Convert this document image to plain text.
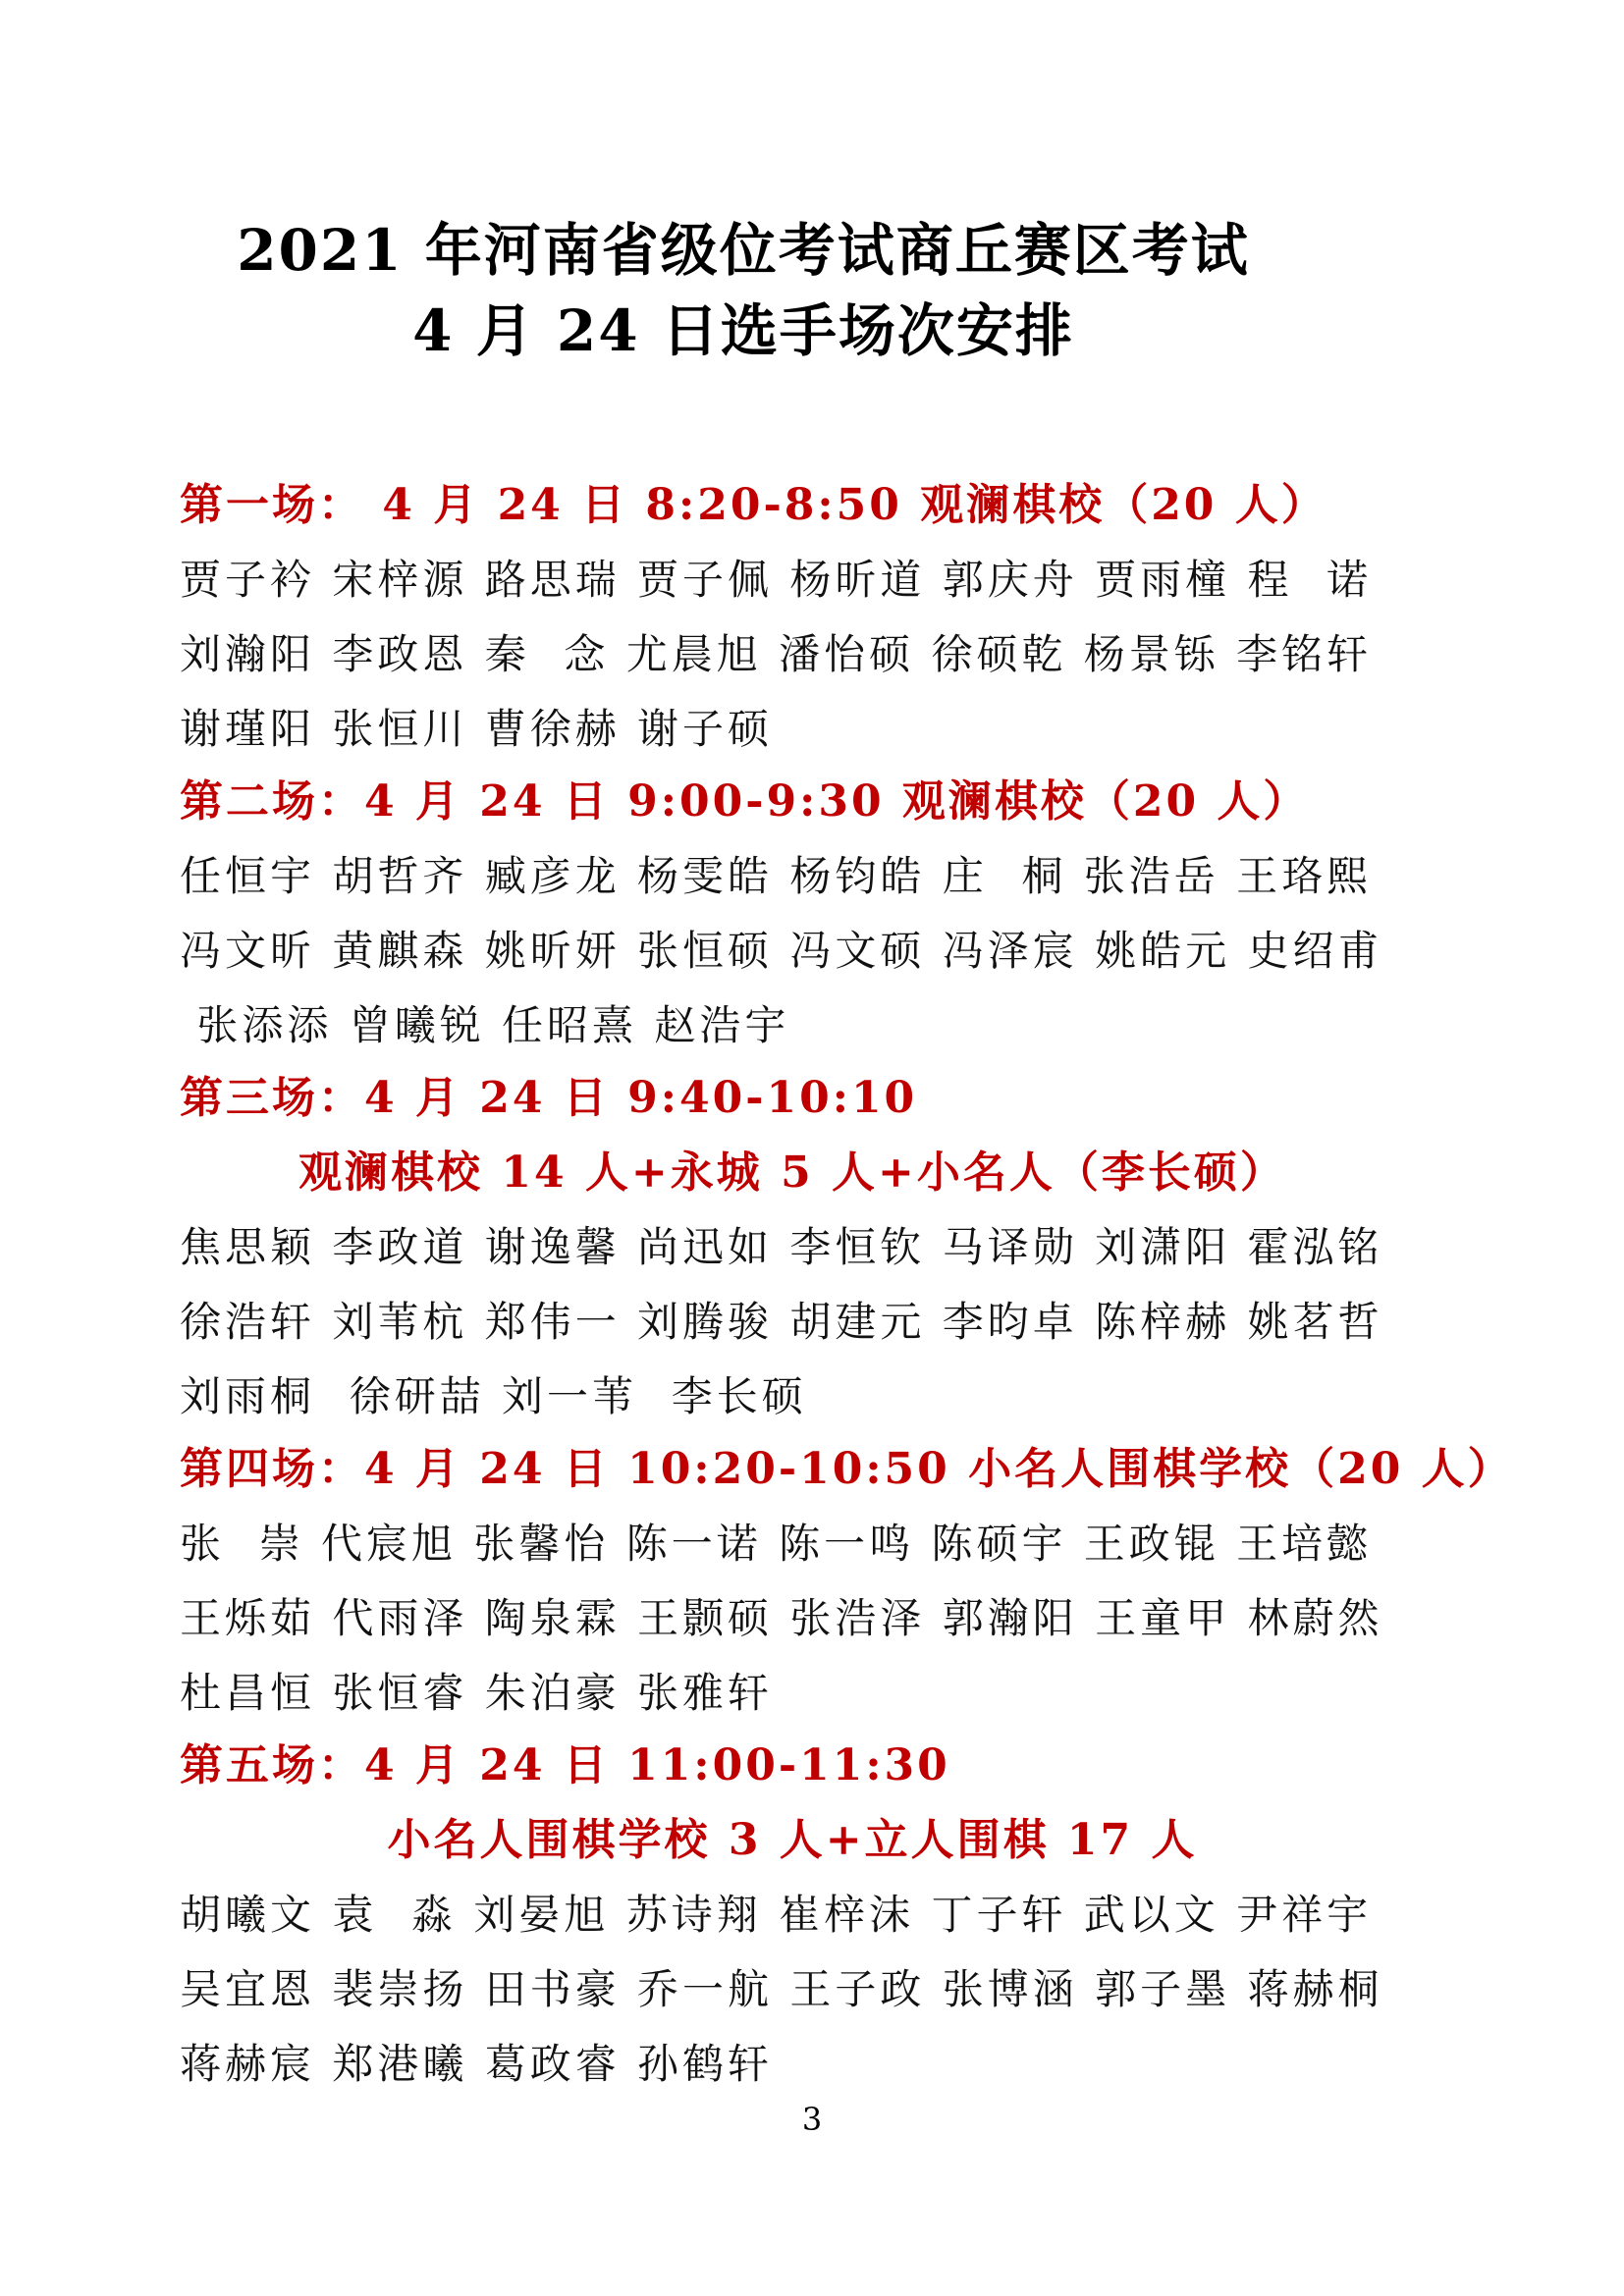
2021 年河南省级位考试商丘赛区考试
4 月 24 日选手场次安排
第一场： 4 月 24 日 8:20-8:50 观澜棋校（20 人）
贾子衿 宋梓源 路思瑞 贾子佩 杨昕道 郭庆舟 贾雨橦 程  诺
刘瀚阳 李政恩 秦  念 尤晨旭 潘怡硕 徐硕乾 杨景铄 李铭轩
谢瑾阳 张恒川 曹徐赫 谢子硕
第二场：4 月 24 日 9:00-9:30 观澜棋校（20 人）
任恒宇 胡哲齐 臧彦龙 杨雯皓 杨钧皓 庄  桐 张浩岳 王珞熙
冯文昕 黄麒森 姚昕妍 张恒硕 冯文硕 冯泽宸 姚皓元 史绍甫
张添添 曾曦锐 任昭熹 赵浩宇
第三场：4 月 24 日 9:40-10:10
观澜棋校 14 人+永城 5 人+小名人（李长硕）
焦思颖 李政道 谢逸馨 尚迅如 李恒钦 马译勋 刘潇阳 霍泓铭
徐浩轩 刘苇杭 郑伟一 刘腾骏 胡建元 李昀卓 陈梓赫 姚茗哲
刘雨桐  徐研喆 刘一苇  李长硕
第四场：4 月 24 日 10:20-10:50 小名人围棋学校（20 人）
张  崇 代宸旭 张馨怡 陈一诺 陈一鸣 陈硕宇 王政锟 王培懿
王烁茹 代雨泽 陶泉霖 王颢硕 张浩泽 郭瀚阳 王童甲 林蔚然
杜昌恒 张恒睿 朱泊豪 张雅轩
第五场：4 月 24 日 11:00-11:30
小名人围棋学校 3 人+立人围棋 17 人
胡曦文 袁  淼 刘晏旭 苏诗翔 崔梓沫 丁子轩 武以文 尹祥宇
吴宜恩 裴崇扬 田书豪 乔一航 王子政 张博涵 郭子墨 蒋赫桐
蒋赫宸 郑港曦 葛政睿 孙鹤轩
3
